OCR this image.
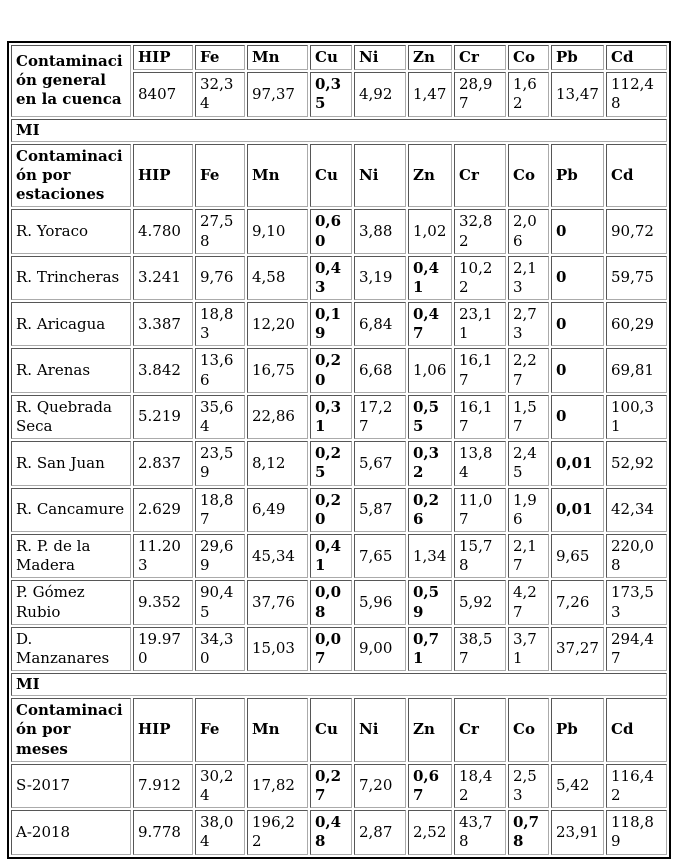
Contaminación general en la cuenca	HIP	Fe	Mn	Cu	Ni	Zn	Cr	Co	Pb	Cd
	8407	32,34	97,37	0,35	4,92	1,47	28,97	1,62	13,47	112,48
MI										
Contaminación por estaciones	HIP	Fe	Mn	Cu	Ni	Zn	Cr	Co	Pb	Cd
R. Yoraco	4.780	27,58	9,10	0,60	3,88	1,02	32,82	2,06	0	90,72
R. Trincheras	3.241	9,76	4,58	0,43	3,19	0,41	10,22	2,13	0	59,75
R. Aricagua	3.387	18,83	12,20	0,19	6,84	0,47	23,11	2,73	0	60,29
R. Arenas	3.842	13,66	16,75	0,20	6,68	1,06	16,17	2,27	0	69,81
R. Quebrada Seca	5.219	35,64	22,86	0,31	17,27	0,55	16,17	1,57	0	100,31
R. San Juan	2.837	23,59	8,12	0,25	5,67	0,32	13,84	2,45	0,01	52,92
R. Cancamure	2.629	18,87	6,49	0,20	5,87	0,26	11,07	1,96	0,01	42,34
R. P. de la Madera	11.203	29,69	45,34	0,41	7,65	1,34	15,78	2,17	9,65	220,08
P. Gómez Rubio	9.352	90,45	37,76	0,08	5,96	0,59	5,92	4,27	7,26	173,53
D. Manzanares	19.970	34,30	15,03	0,07	9,00	0,71	38,57	3,71	37,27	294,47
MI										
Contaminación por meses	HIP	Fe	Mn	Cu	Ni	Zn	Cr	Co	Pb	Cd
S-2017	7.912	30,24	17,82	0,27	7,20	0,67	18,42	2,53	5,42	116,42
A-2018	9.778	38,04	196,22	0,48	2,87	2,52	43,78	0,78	23,91	118,89
